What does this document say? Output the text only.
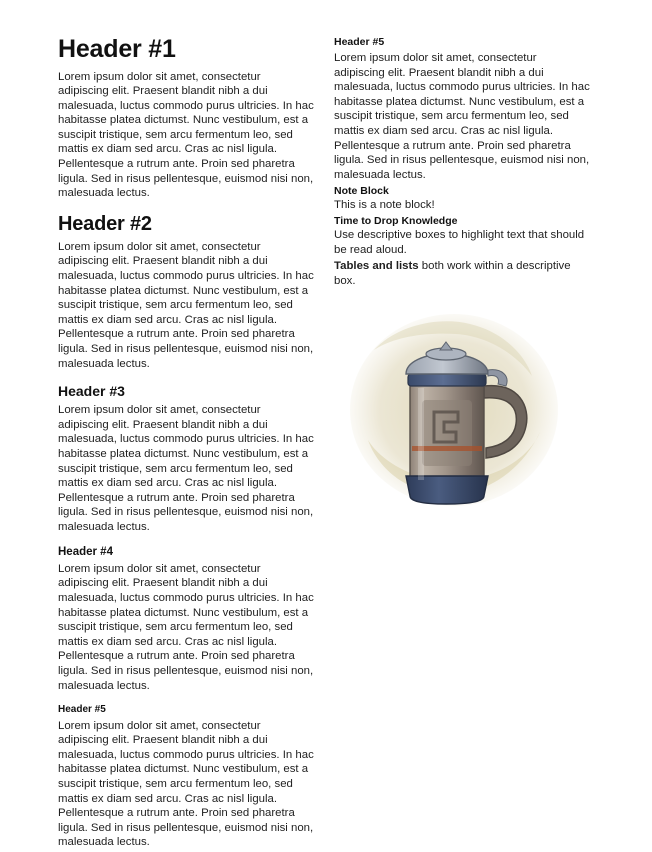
Header #1

Lorem ipsum dolor sit amet, consectetur adipiscing elit. Praesent blandit nibh a dui malesuada, luctus commodo purus ultricies. In hac habitasse platea dictumst. Nunc vestibulum, est a suscipit tristique, sem arcu fermentum leo, sed mattis ex diam sed arcu. Cras ac nisl ligula. Pellentesque a rutrum ante. Proin sed pharetra ligula. Sed in risus pellentesque, euismod nisi non, malesuada lectus.

Header #2

Lorem ipsum dolor sit amet, consectetur adipiscing elit. Praesent blandit nibh a dui malesuada, luctus commodo purus ultricies. In hac habitasse platea dictumst. Nunc vestibulum, est a suscipit tristique, sem arcu fermentum leo, sed mattis ex diam sed arcu. Cras ac nisl ligula. Pellentesque a rutrum ante. Proin sed pharetra ligula. Sed in risus pellentesque, euismod nisi non, malesuada lectus.

Header #3

Lorem ipsum dolor sit amet, consectetur adipiscing elit. Praesent blandit nibh a dui malesuada, luctus commodo purus ultricies. In hac habitasse platea dictumst. Nunc vestibulum, est a suscipit tristique, sem arcu fermentum leo, sed mattis ex diam sed arcu. Cras ac nisl ligula. Pellentesque a rutrum ante. Proin sed pharetra ligula. Sed in risus pellentesque, euismod nisi non, malesuada lectus.

Header #4

Lorem ipsum dolor sit amet, consectetur adipiscing elit. Praesent blandit nibh a dui malesuada, luctus commodo purus ultricies. In hac habitasse platea dictumst. Nunc vestibulum, est a suscipit tristique, sem arcu fermentum leo, sed mattis ex diam sed arcu. Cras ac nisl ligula. Pellentesque a rutrum ante. Proin sed pharetra ligula. Sed in risus pellentesque, euismod nisi non, malesuada lectus.

Header #5

Lorem ipsum dolor sit amet, consectetur adipiscing elit. Praesent blandit nibh a dui malesuada, luctus commodo purus ultricies. In hac habitasse platea dictumst. Nunc vestibulum, est a suscipit tristique, sem arcu fermentum leo, sed mattis ex diam sed arcu. Cras ac nisl ligula. Pellentesque a rutrum ante. Proin sed pharetra ligula. Sed in risus pellentesque, euismod nisi non, malesuada lectus.

Header #5

Lorem ipsum dolor sit amet, consectetur adipiscing elit. Praesent blandit nibh a dui malesuada, luctus commodo purus ultricies. In hac habitasse platea dictumst. Nunc vestibulum, est a suscipit tristique, sem arcu fermentum leo, sed mattis ex diam sed arcu. Cras ac nisl ligula. Pellentesque a rutrum ante. Proin sed pharetra ligula. Sed in risus pellentesque, euismod nisi non, malesuada lectus.

Note Block
This is a note block!
Time to Drop Knowledge
Use descriptive boxes to highlight text that should be read aloud.
Tables and lists both work within a descriptive box.
